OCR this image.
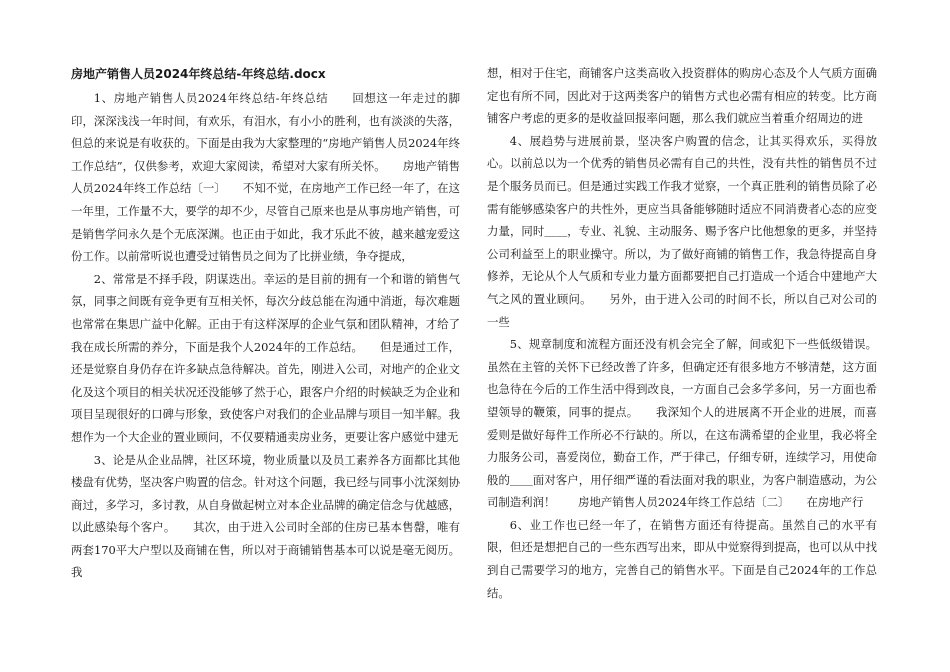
房地产销售人员2024年终总结-年终总结.docx

1、房地产销售人员2024年终总结-年终总结　　回想这一年走过的脚印，深深浅浅一年时间，有欢乐，有泪水，有小小的胜利，也有淡淡的失落，但总的来说是有收获的。下面是由我为大家整理的“房地产销售人员2024年终工作总结”，仅供参考，欢迎大家阅读，希望对大家有所关怀。　　房地产销售人员2024年终工作总结〔一〕　　不知不觉，在房地产工作已经一年了，在这一年里，工作量不大，要学的却不少，尽管自己原来也是从事房地产销售，可是销售学问永久是个无底深渊。也正由于如此，我才乐此不彼，越来越宠爱这份工作。以前常听说也遭受过销售员之间为了比拼业绩，争夺提成，

2、常常是不择手段，阴谋迭出。幸运的是目前的拥有一个和谐的销售气氛，同事之间既有竞争更有互相关怀，每次分歧总能在沟通中消逝，每次难题也常常在集思广益中化解。正由于有这样深厚的企业气氛和团队精神，才给了我在成长所需的养分，下面是我个人2024年的工作总结。　　但是通过工作，还是觉察自身仍存在许多缺点急待解决。首先，刚进入公司，对地产的企业文化及这个项目的相关状况还没能够了然于心，跟客户介绍的时候缺乏为企业和项目呈现很好的口碑与形象，致使客户对我们的企业品牌与项目一知半解。我想作为一个大企业的置业顾问，不仅要精通卖房业务，更要让客户感觉中建无

3、论是从企业品牌，社区环境，物业质量以及员工素养各方面都比其他楼盘有优势，坚决客户购置的信念。针对这个问题，我已经与同事小沈深刻协商过，多学习，多讨教，从自身做起树立对本企业品牌的确定信念与优越感，以此感染每个客户。　　其次，由于进入公司时全部的住房已基本售罄，唯有两套170平大户型以及商铺在售，所以对于商铺销售基本可以说是毫无阅历。我

想，相对于住宅，商铺客户这类高收入投资群体的购房心态及个人气质方面确定也有所不同，因此对于这两类客户的销售方式也必需有相应的转变。比方商铺客户考虑的更多的是收益回报率问题，那么我们就应当着重介绍周边的进

4、展趋势与进展前景，坚决客户购置的信念，让其买得欢乐，买得放心。以前总以为一个优秀的销售员必需有自己的共性，没有共性的销售员不过是个服务员而已。但是通过实践工作我才觉察，一个真正胜利的销售员除了必需有能够感染客户的共性外，更应当具备能够随时适应不同消费者心态的应变力量，同时＿＿，专业、礼貌、主动服务、赐予客户比他想象的更多，并坚持公司利益至上的职业操守。所以，为了做好商铺的销售工作，我急待提高自身修养，无论从个人气质和专业力量方面都要把自己打造成一个适合中建地产大气之风的置业顾问。　　另外，由于进入公司的时间不长，所以自己对公司的一些

5、规章制度和流程方面还没有机会完全了解，间或犯下一些低级错误。虽然在主管的关怀下已经改善了许多，但确定还有很多地方不够清楚，这方面也急待在今后的工作生活中得到改良，一方面自己会多学多问，另一方面也希望领导的鞭策，同事的提点。　　我深知个人的进展离不开企业的进展，而喜爱则是做好每件工作所必不行缺的。所以，在这布满希望的企业里，我必将全力服务公司，喜爱岗位，勤奋工作，严于律己，仔细专研，连续学习，用使命般的＿＿面对客户，用仔细严谨的看法面对我的职业，为客户制造感动，为公司制造利润！　　房地产销售人员2024年终工作总结〔二〕　　在房地产行

6、业工作也已经一年了，在销售方面还有待提高。虽然自己的水平有限，但还是想把自己的一些东西写出来，即从中觉察得到提高，也可以从中找到自己需要学习的地方，完善自己的销售水平。下面是自己2024年的工作总结。
